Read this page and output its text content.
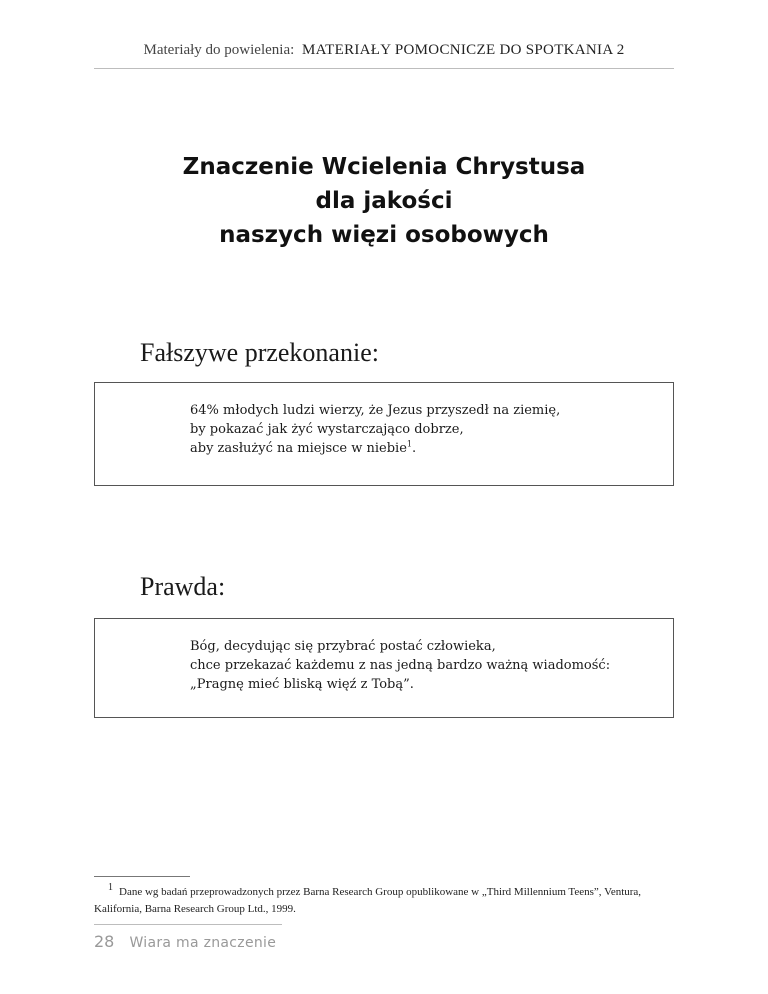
Materiały do powielenia: MATERIAŁY POMOCNICZE DO SPOTKANIA 2
Znaczenie Wcielenia Chrystusa
dla jakości
naszych więzi osobowych
Fałszywe przekonanie:
64% młodych ludzi wierzy, że Jezus przyszedł na ziemię,
by pokazać jak żyć wystarczająco dobrze,
aby zasłużyć na miejsce w niebie$^1$.
Prawda:
Bóg, decydując się przybrać postać człowieka,
chce przekazać każdemu z nas jedną bardzo ważną wiadomość:
„Pragnę mieć bliską więź z Tobą”.
1 Dane wg badań przeprowadzonych przez Barna Research Group opublikowane w „Third Millennium Teens”, Ventura, Kalifornia, Barna Research Group Ltd., 1999.
28 Wiara ma znaczenie
